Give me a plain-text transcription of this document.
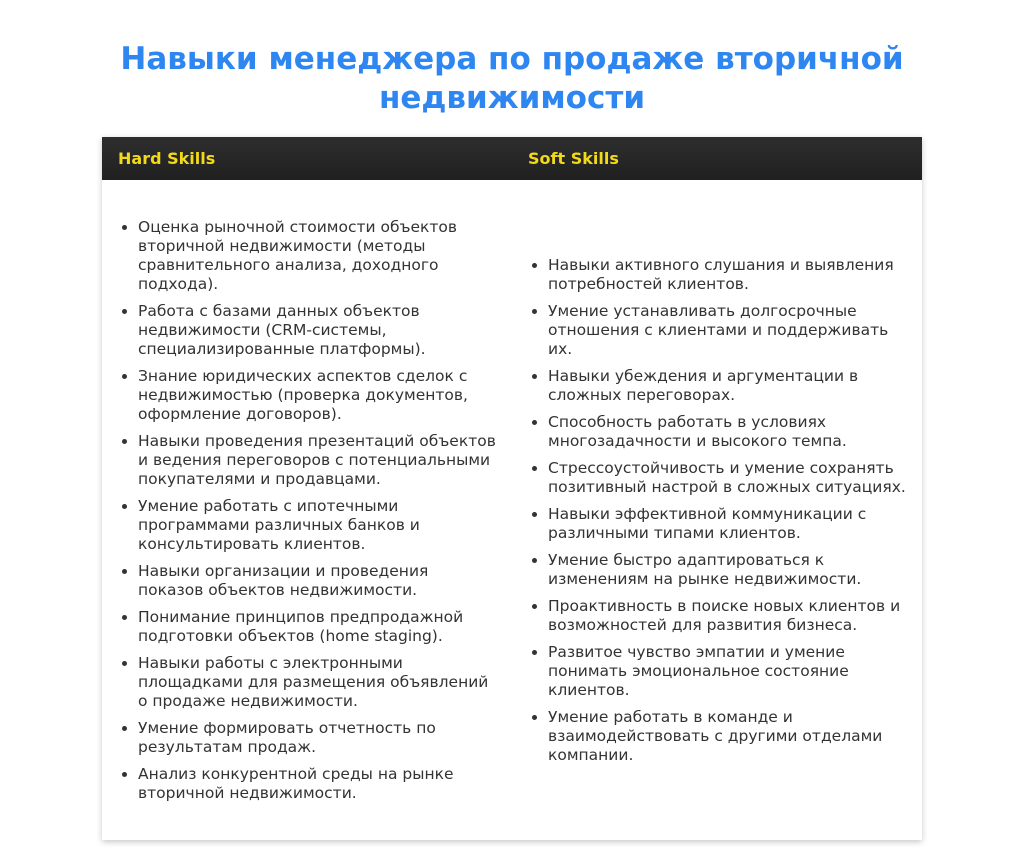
Навыки менеджера по продаже вторичной недвижимости
Hard Skills	Soft Skills
• Оценка рыночной стоимости объектов вторичной недвижимости (методы сравнительного анализа, доходного подхода).
• Работа с базами данных объектов недвижимости (CRM-системы, специализированные платформы).
• Знание юридических аспектов сделок с недвижимостью (проверка документов, оформление договоров).
• Навыки проведения презентаций объектов и ведения переговоров с потенциальными покупателями и продавцами.
• Умение работать с ипотечными программами различных банков и консультировать клиентов.
• Навыки организации и проведения показов объектов недвижимости.
• Понимание принципов предпродажной подготовки объектов (home staging).
• Навыки работы с электронными площадками для размещения объявлений о продаже недвижимости.
• Умение формировать отчетность по результатам продаж.
• Анализ конкурентной среды на рынке вторичной недвижимости.
• Навыки активного слушания и выявления потребностей клиентов.
• Умение устанавливать долгосрочные отношения с клиентами и поддерживать их.
• Навыки убеждения и аргументации в сложных переговорах.
• Способность работать в условиях многозадачности и высокого темпа.
• Стрессоустойчивость и умение сохранять позитивный настрой в сложных ситуациях.
• Навыки эффективной коммуникации с различными типами клиентов.
• Умение быстро адаптироваться к изменениям на рынке недвижимости.
• Проактивность в поиске новых клиентов и возможностей для развития бизнеса.
• Развитое чувство эмпатии и умение понимать эмоциональное состояние клиентов.
• Умение работать в команде и взаимодействовать с другими отделами компании.
